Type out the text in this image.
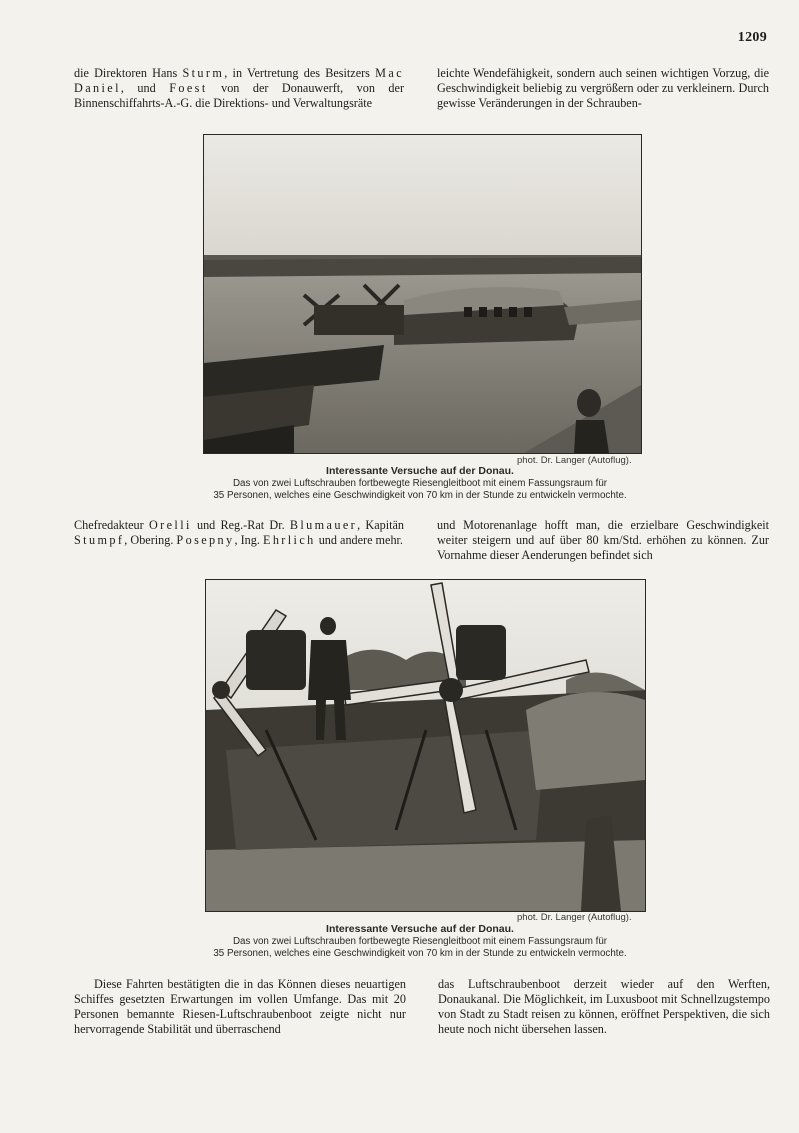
1209

die Direktoren Hans Sturm, in Vertretung des Besitzers Mac Daniel, und Foest von der Donauwerft, von der Binnenschiffahrts-A.-G. die Direktions- und Verwaltungsräte

leichte Wendefähigkeit, sondern auch seinen wichtigen Vorzug, die Geschwindigkeit beliebig zu vergrößern oder zu verkleinern. Durch gewisse Veränderungen in der Schrauben-

phot. Dr. Langer (Autoflug).
Interessante Versuche auf der Donau.
Das von zwei Luftschrauben fortbewegte Riesengleitboot mit einem Fassungsraum für
35 Personen, welches eine Geschwindigkeit von 70 km in der Stunde zu entwickeln vermochte.

Chefredakteur Orelli und Reg.-Rat Dr. Blumauer, Kapitän Stumpf, Obering. Posepny, Ing. Ehrlich und andere mehr.

und Motorenanlage hofft man, die erzielbare Geschwindigkeit weiter steigern und auf über 80 km/Std. erhöhen zu können. Zur Vornahme dieser Aenderungen befindet sich

phot. Dr. Langer (Autoflug).
Interessante Versuche auf der Donau.
Das von zwei Luftschrauben fortbewegte Riesengleitboot mit einem Fassungsraum für
35 Personen, welches eine Geschwindigkeit von 70 km in der Stunde zu entwickeln vermochte.

Diese Fahrten bestätigten die in das Können dieses neuartigen Schiffes gesetzten Erwartungen im vollen Umfange. Das mit 20 Personen bemannte Riesen-Luftschraubenboot zeigte nicht nur hervorragende Stabilität und überraschend

das Luftschraubenboot derzeit wieder auf den Werften, Donaukanal. Die Möglichkeit, im Luxusboot mit Schnellzugstempo von Stadt zu Stadt reisen zu können, eröffnet Perspektiven, die sich heute noch nicht übersehen lassen.
